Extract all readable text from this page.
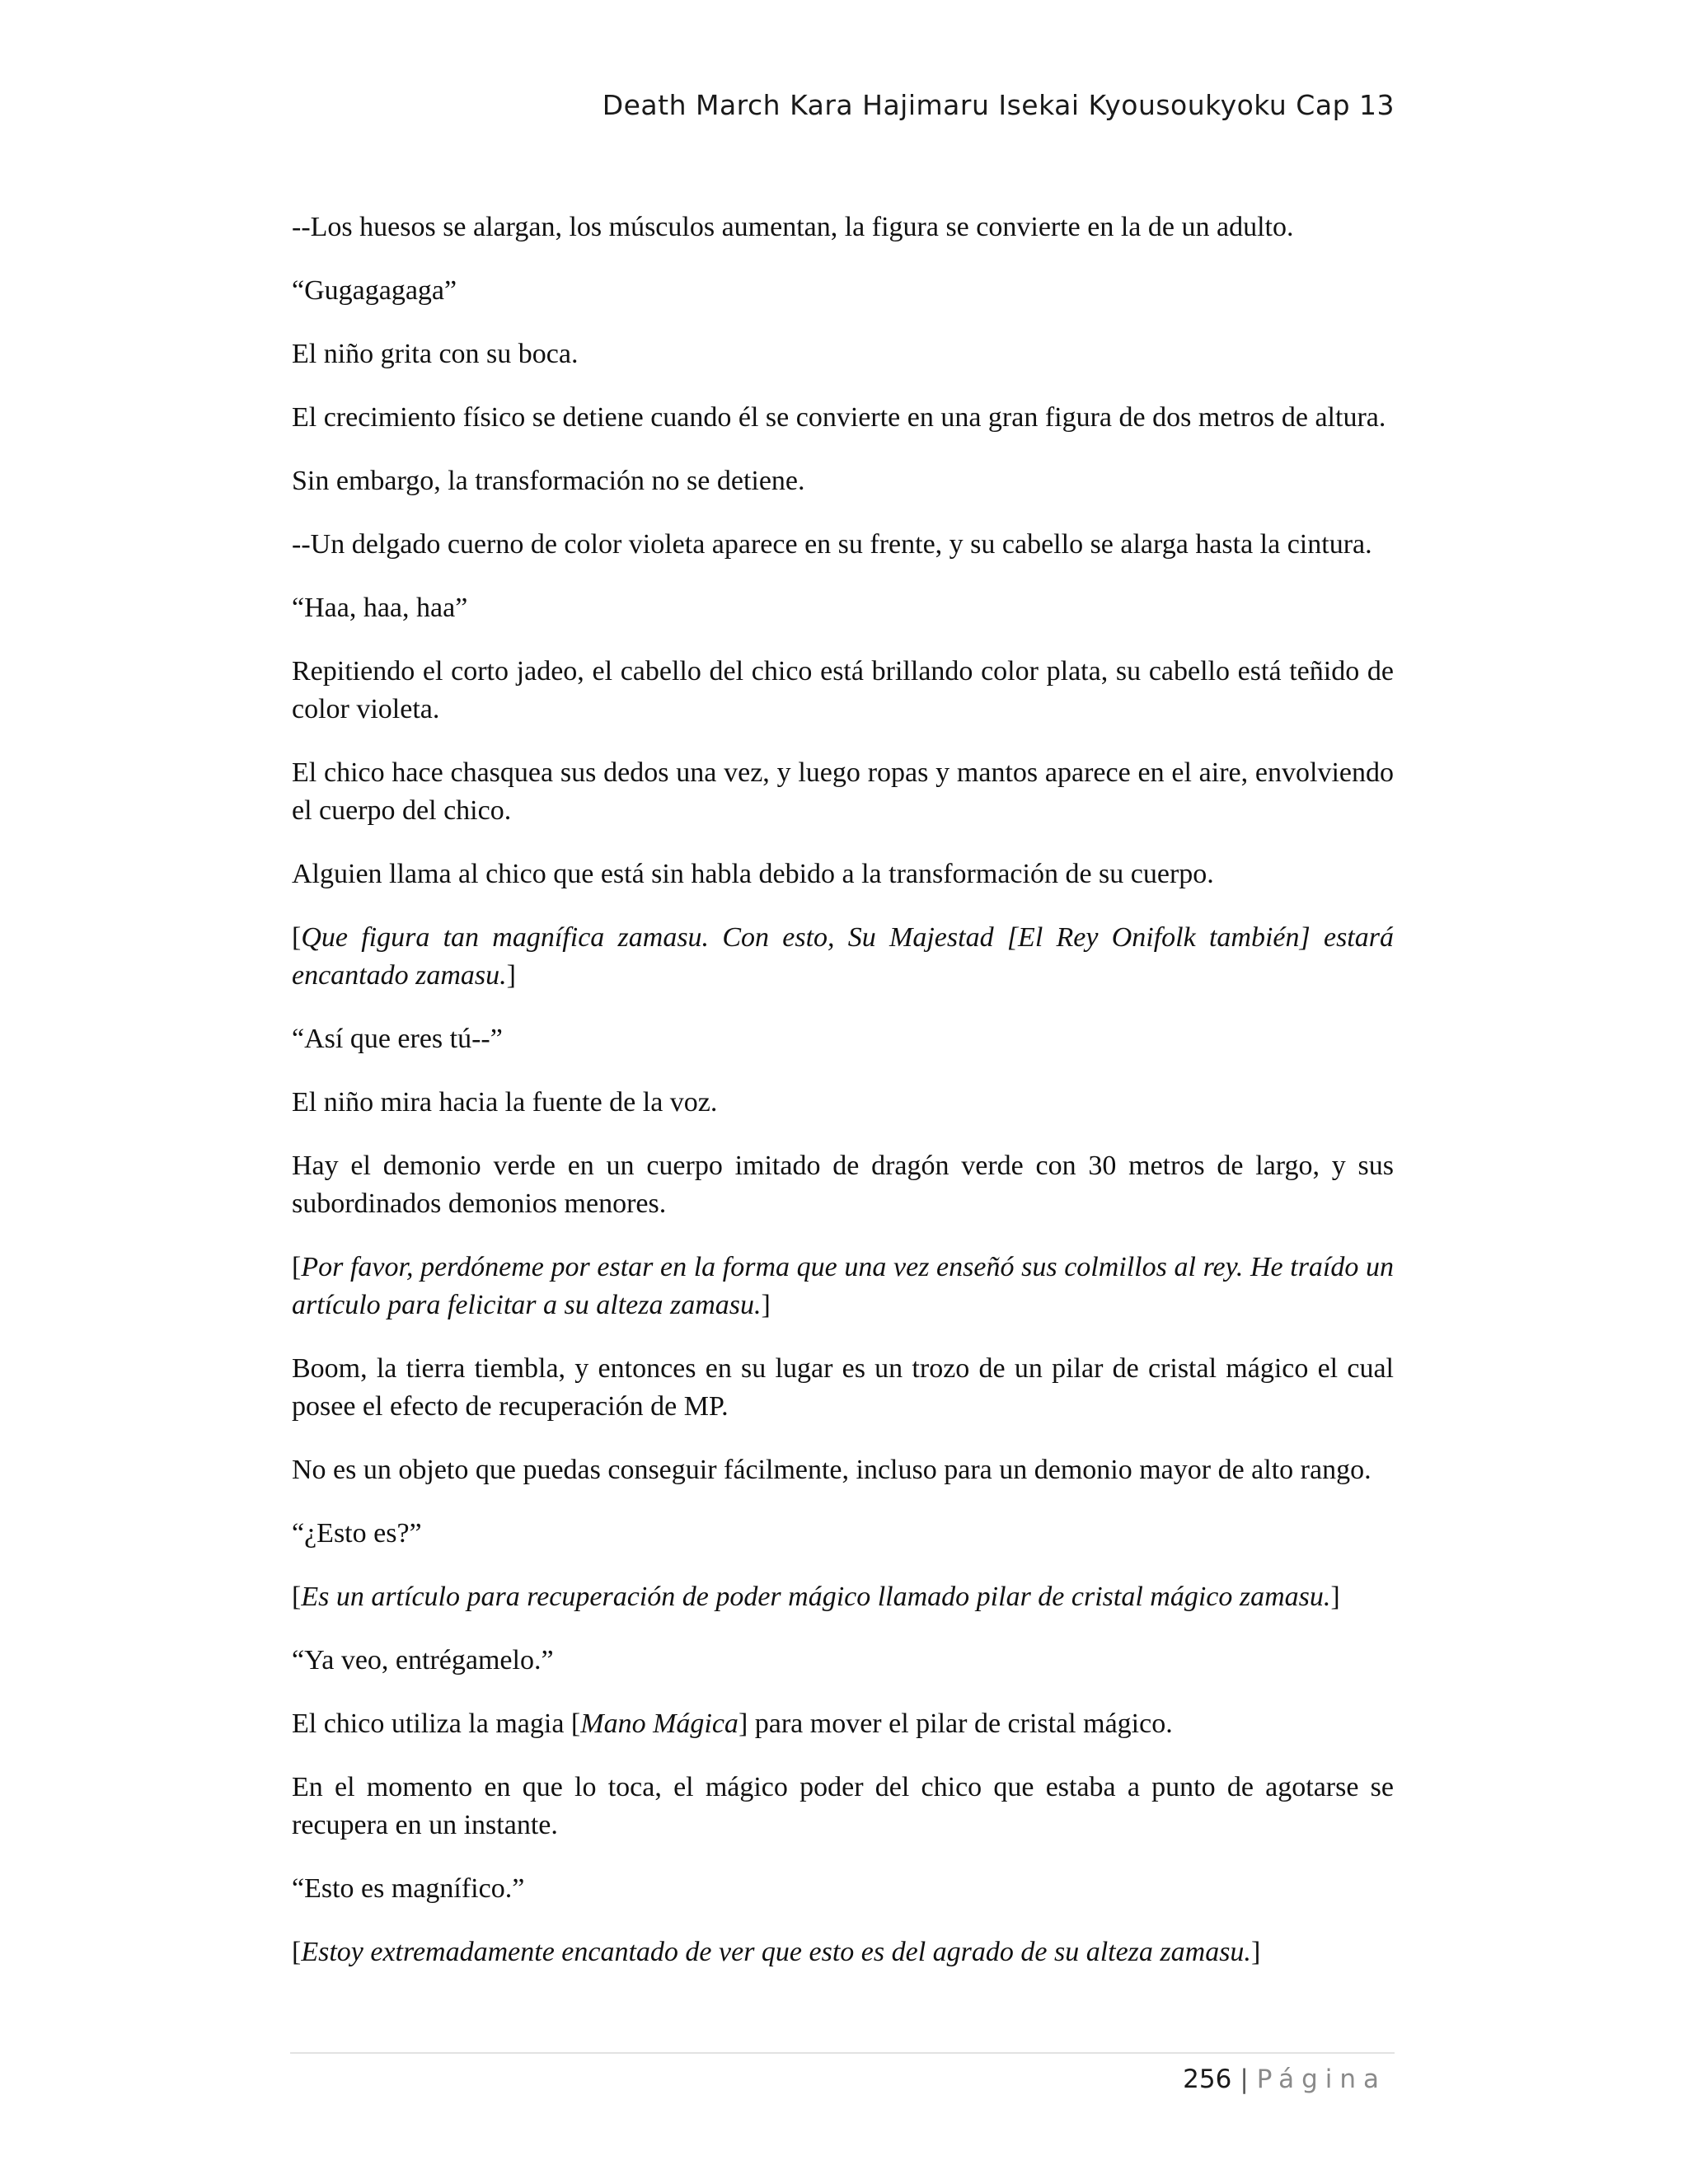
Death March Kara Hajimaru Isekai Kyousoukyoku Cap 13

--Los huesos se alargan, los músculos aumentan, la figura se convierte en la de un adulto.

“Gugagagaga”

El niño grita con su boca.

El crecimiento físico se detiene cuando él se convierte en una gran figura de dos metros de altura.

Sin embargo, la transformación no se detiene.

--Un delgado cuerno de color violeta aparece en su frente, y su cabello se alarga hasta la cintura.

“Haa, haa, haa”

Repitiendo el corto jadeo, el cabello del chico está brillando color plata, su cabello está teñido de color violeta.

El chico hace chasquea sus dedos una vez, y luego ropas y mantos aparece en el aire, envolviendo el cuerpo del chico.

Alguien llama al chico que está sin habla debido a la transformación de su cuerpo.

[Que figura tan magnífica zamasu. Con esto, Su Majestad [El Rey Onifolk también] estará encantado zamasu.]

“Así que eres tú--”

El niño mira hacia la fuente de la voz.

Hay el demonio verde en un cuerpo imitado de dragón verde con 30 metros de largo, y sus subordinados demonios menores.

[Por favor, perdóneme por estar en la forma que una vez enseñó sus colmillos al rey. He traído un artículo para felicitar a su alteza zamasu.]

Boom, la tierra tiembla, y entonces en su lugar es un trozo de un pilar de cristal mágico el cual posee el efecto de recuperación de MP.

No es un objeto que puedas conseguir fácilmente, incluso para un demonio mayor de alto rango.

“¿Esto es?”

[Es un artículo para recuperación de poder mágico llamado pilar de cristal mágico zamasu.]

“Ya veo, entrégamelo.”

El chico utiliza la magia [Mano Mágica] para mover el pilar de cristal mágico.

En el momento en que lo toca, el mágico poder del chico que estaba a punto de agotarse se recupera en un instante.

“Esto es magnífico.”

[Estoy extremadamente encantado de ver que esto es del agrado de su alteza zamasu.]

256 | Página
